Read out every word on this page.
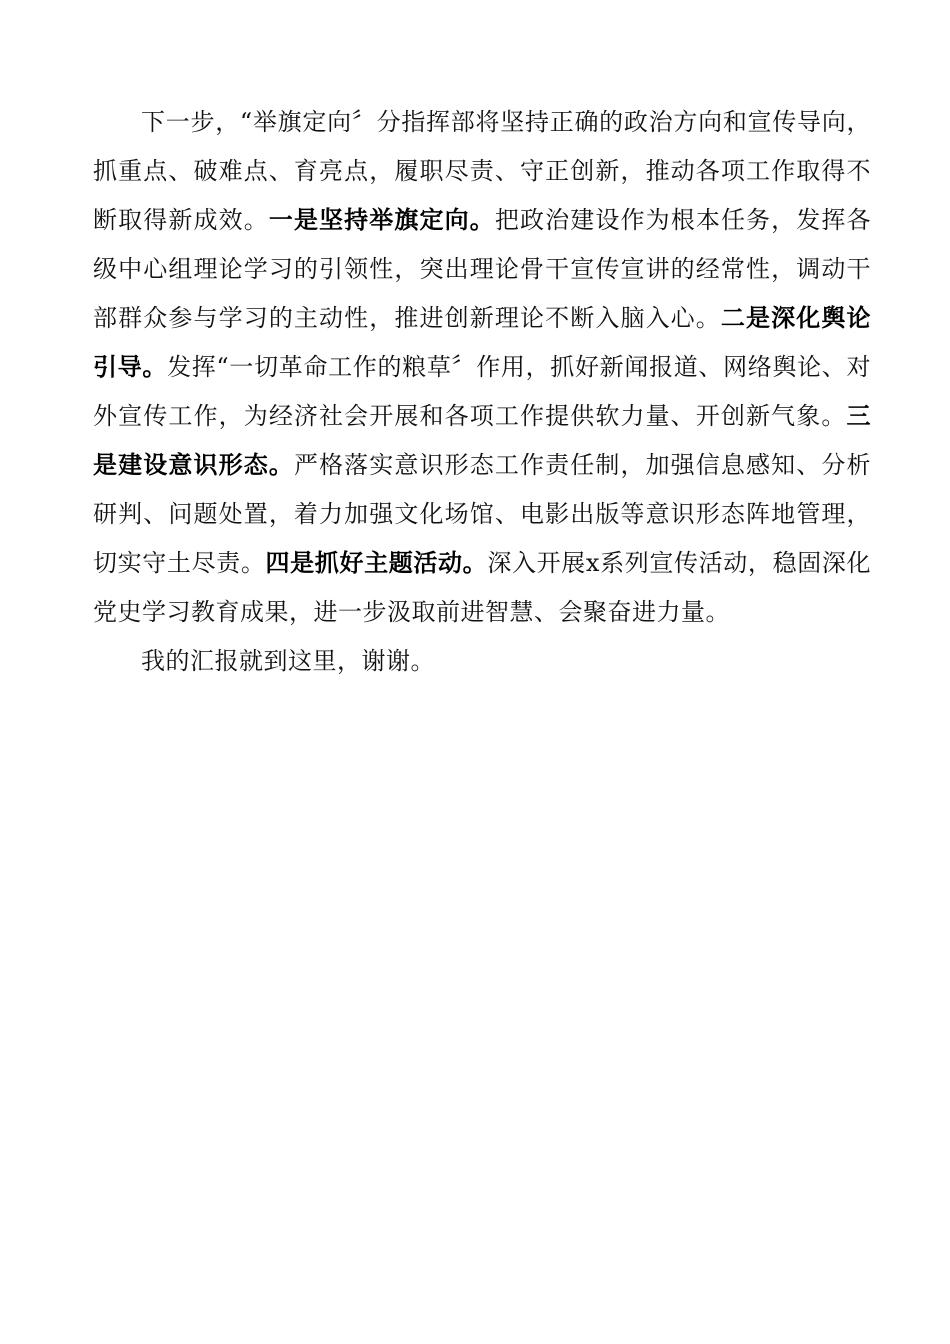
下一步，“举旗定向〞分指挥部将坚持正确的政治方向和宣传导向，抓重点、破难点、育亮点，履职尽责、守正创新，推动各项工作取得不断取得新成效。一是坚持举旗定向。把政治建设作为根本任务，发挥各级中心组理论学习的引领性，突出理论骨干宣传宣讲的经常性，调动干部群众参与学习的主动性，推进创新理论不断入脑入心。二是深化舆论引导。发挥“一切革命工作的粮草〞作用，抓好新闻报道、网络舆论、对外宣传工作，为经济社会开展和各项工作提供软力量、开创新气象。三是建设意识形态。严格落实意识形态工作责任制，加强信息感知、分析研判、问题处置，着力加强文化场馆、电影出版等意识形态阵地管理，切实守土尽责。四是抓好主题活动。深入开展x系列宣传活动，稳固深化党史学习教育成果，进一步汲取前进智慧、会聚奋进力量。

我的汇报就到这里，谢谢。
